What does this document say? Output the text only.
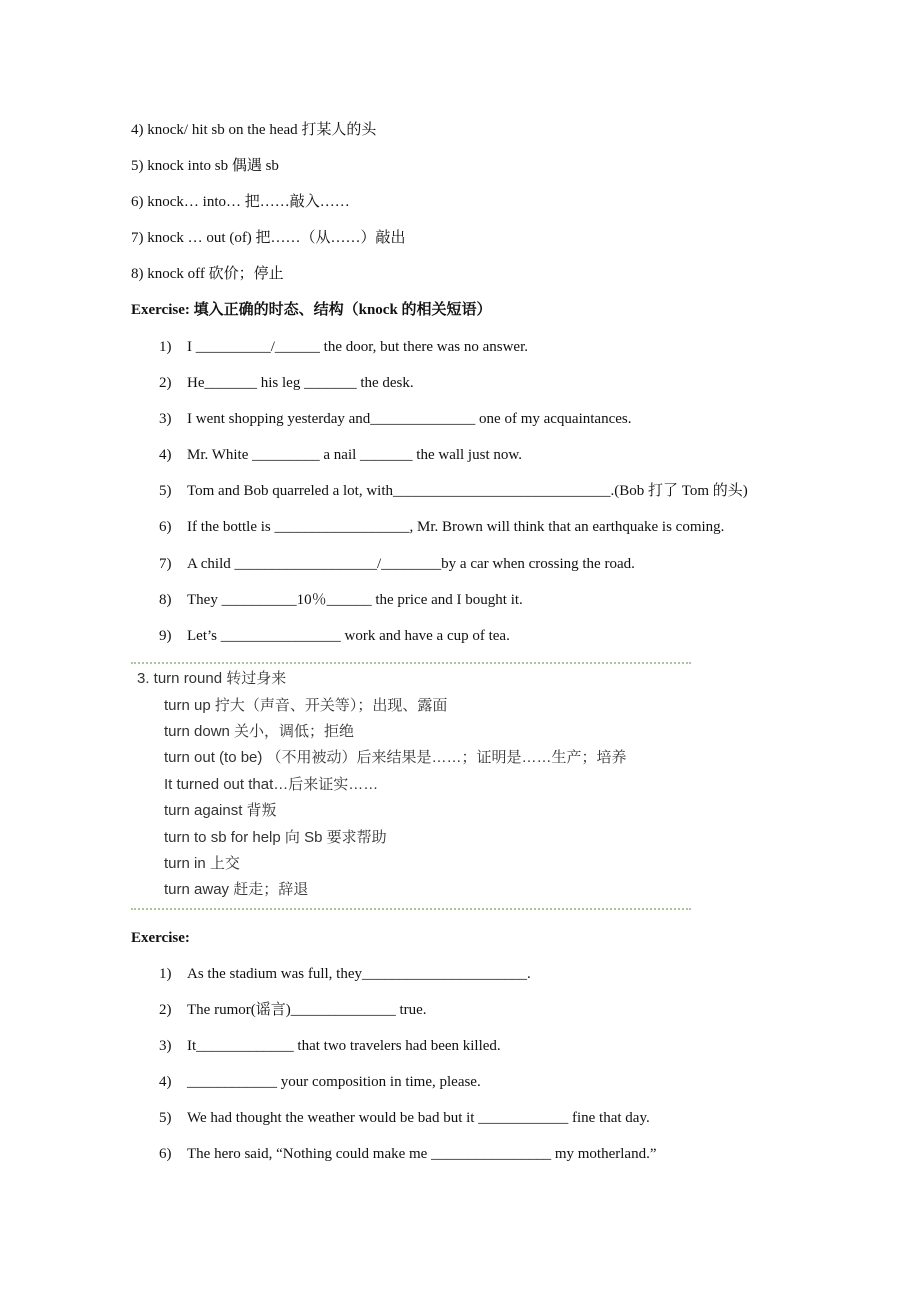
4) knock/ hit sb on the head 打某人的头
5) knock into sb 偶遇 sb
6) knock… into… 把……敲入……
7) knock … out (of) 把……（从……）敲出
8) knock off 砍价；停止
Exercise: 填入正确的时态、结构（knock 的相关短语）
1) I __________/______ the door, but there was no answer.
2) He_______ his leg _______ the desk.
3) I went shopping yesterday and______________ one of my acquaintances.
4) Mr. White _________ a nail _______ the wall just now.
5) Tom and Bob quarreled a lot, with_____________________________.(Bob 打了 Tom 的头)
6) If the bottle is __________________, Mr. Brown will think that an earthquake is coming.
7) A child ___________________/________by a car when crossing the road.
8) They __________10％______ the price and I bought it.
9) Let’s ________________ work and have a cup of tea.
3. turn round 转过身来
turn up 拧大（声音、开关等）；出现、露面
turn down 关小，调低；拒绝
turn out (to be) （不用被动）后来结果是……；证明是……生产；培养
It turned out that…后来证实……
turn against 背叛
turn to sb for help 向 Sb 要求帮助
turn in 上交
turn away 赶走；辞退
Exercise:
1) As the stadium was full, they______________________.
2) The rumor(谣言)______________ true.
3) It_____________ that two travelers had been killed.
4) ____________ your composition in time, please.
5) We had thought the weather would be bad but it ____________ fine that day.
6) The hero said, “Nothing could make me ________________ my motherland.”
